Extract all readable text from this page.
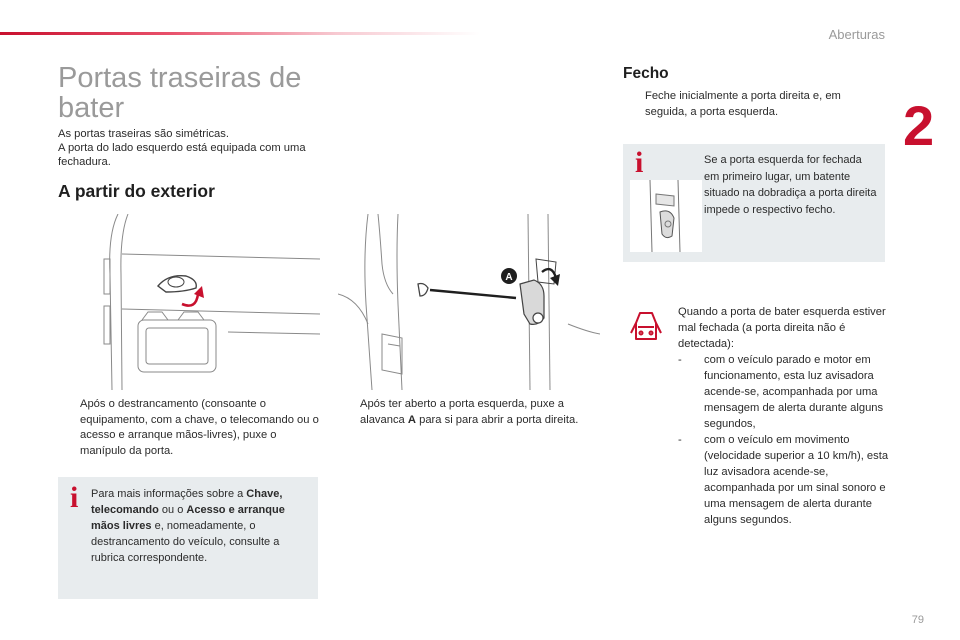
Aberturas
2
Portas traseiras de bater

As portas traseiras são simétricas.

A porta do lado esquerdo está equipada com uma fechadura.

A partir do exterior
A
Após o destrancamento (consoante o equipamento, com a chave, o telecomando ou o acesso e arranque mãos-livres), puxe o manípulo da porta.
Após ter aberto a porta esquerda, puxe a alavanca A para si para abrir a porta direita.
i Para mais informações sobre a Chave, telecomando ou o Acesso e arranque mãos livres e, nomeadamente, o destrancamento do veículo, consulte a rubrica correspondente.
Fecho
Feche inicialmente a porta direita e, em seguida, a porta esquerda.
i	Se a porta esquerda for fechada em primeiro lugar, um batente situado na dobradiça a porta direita impede o respectivo fecho.
Quando a porta de bater esquerda estiver mal fechada (a porta direita não é detectada):
- com o veículo parado e motor em funcionamento, esta luz avisadora acende-se, acompanhada por uma mensagem de alerta durante alguns segundos,
- com o veículo em movimento (velocidade superior a 10 km/h), esta luz avisadora acende-se, acompanhada por um sinal sonoro e uma mensagem de alerta durante alguns segundos.
79
